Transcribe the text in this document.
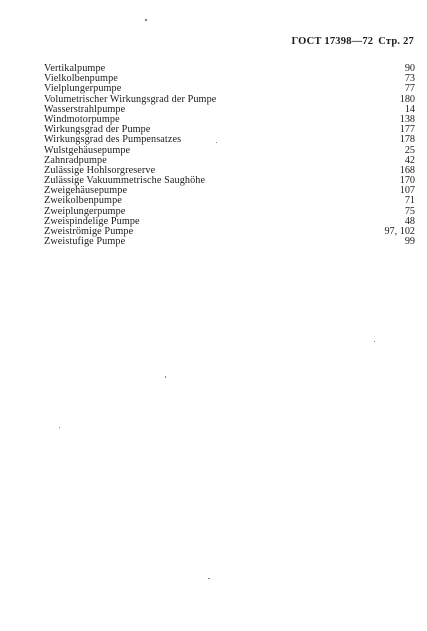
ГОСТ 17398—72 Стр. 27
Vertikalpumpe	90
Vielkolbenpumpe	73
Vielplungerpumpe	77
Volumetrischer Wirkungsgrad der Pumpe	180
Wasserstrahlpumpe	14
Windmotorpumpe	138
Wirkungsgrad der Pumpe	177
Wirkungsgrad des Pumpensatzes	178
Wulstgehäusepumpe	25
Zahnradpumpe	42
Zulässige Hohlsorgreserve	168
Zulässige Vakuummetrische Saughöhe	170
Zweigehäusepumpe	107
Zweikolbenpumpe	71
Zweiplungerpumpe	75
Zweispindelige Pumpe	48
Zweiströmige Pumpe	97, 102
Zweistufige Pumpe	99
